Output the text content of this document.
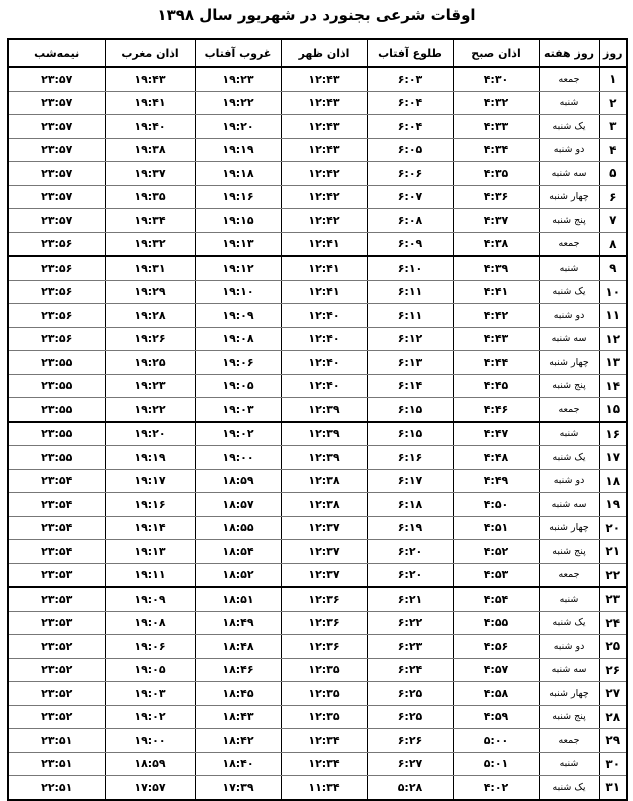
اوقات شرعی بجنورد در شهریور سال ۱۳۹۸
روز	روز هفته	اذان صبح	طلوع آفتاب	اذان ظهر	غروب آفتاب	اذان مغرب	نیمه‌شب
۱	جمعه	۴:۳۰	۶:۰۳	۱۲:۴۳	۱۹:۲۳	۱۹:۴۳	۲۳:۵۷
۲	شنبه	۴:۳۲	۶:۰۴	۱۲:۴۳	۱۹:۲۲	۱۹:۴۱	۲۳:۵۷
۳	یک شنبه	۴:۳۳	۶:۰۴	۱۲:۴۳	۱۹:۲۰	۱۹:۴۰	۲۳:۵۷
۴	دو شنبه	۴:۳۴	۶:۰۵	۱۲:۴۳	۱۹:۱۹	۱۹:۳۸	۲۳:۵۷
۵	سه شنبه	۴:۳۵	۶:۰۶	۱۲:۴۲	۱۹:۱۸	۱۹:۳۷	۲۳:۵۷
۶	چهار شنبه	۴:۳۶	۶:۰۷	۱۲:۴۲	۱۹:۱۶	۱۹:۳۵	۲۳:۵۷
۷	پنج شنبه	۴:۳۷	۶:۰۸	۱۲:۴۲	۱۹:۱۵	۱۹:۳۴	۲۳:۵۷
۸	جمعه	۴:۳۸	۶:۰۹	۱۲:۴۱	۱۹:۱۳	۱۹:۳۲	۲۳:۵۶
۹	شنبه	۴:۳۹	۶:۱۰	۱۲:۴۱	۱۹:۱۲	۱۹:۳۱	۲۳:۵۶
۱۰	یک شنبه	۴:۴۱	۶:۱۱	۱۲:۴۱	۱۹:۱۰	۱۹:۲۹	۲۳:۵۶
۱۱	دو شنبه	۴:۴۲	۶:۱۱	۱۲:۴۰	۱۹:۰۹	۱۹:۲۸	۲۳:۵۶
۱۲	سه شنبه	۴:۴۳	۶:۱۲	۱۲:۴۰	۱۹:۰۸	۱۹:۲۶	۲۳:۵۶
۱۳	چهار شنبه	۴:۴۴	۶:۱۳	۱۲:۴۰	۱۹:۰۶	۱۹:۲۵	۲۳:۵۵
۱۴	پنج شنبه	۴:۴۵	۶:۱۴	۱۲:۴۰	۱۹:۰۵	۱۹:۲۳	۲۳:۵۵
۱۵	جمعه	۴:۴۶	۶:۱۵	۱۲:۳۹	۱۹:۰۳	۱۹:۲۲	۲۳:۵۵
۱۶	شنبه	۴:۴۷	۶:۱۵	۱۲:۳۹	۱۹:۰۲	۱۹:۲۰	۲۳:۵۵
۱۷	یک شنبه	۴:۴۸	۶:۱۶	۱۲:۳۹	۱۹:۰۰	۱۹:۱۹	۲۳:۵۵
۱۸	دو شنبه	۴:۴۹	۶:۱۷	۱۲:۳۸	۱۸:۵۹	۱۹:۱۷	۲۳:۵۴
۱۹	سه شنبه	۴:۵۰	۶:۱۸	۱۲:۳۸	۱۸:۵۷	۱۹:۱۶	۲۳:۵۴
۲۰	چهار شنبه	۴:۵۱	۶:۱۹	۱۲:۳۷	۱۸:۵۵	۱۹:۱۴	۲۳:۵۴
۲۱	پنج شنبه	۴:۵۲	۶:۲۰	۱۲:۳۷	۱۸:۵۴	۱۹:۱۳	۲۳:۵۴
۲۲	جمعه	۴:۵۳	۶:۲۰	۱۲:۳۷	۱۸:۵۲	۱۹:۱۱	۲۳:۵۳
۲۳	شنبه	۴:۵۴	۶:۲۱	۱۲:۳۶	۱۸:۵۱	۱۹:۰۹	۲۳:۵۳
۲۴	یک شنبه	۴:۵۵	۶:۲۲	۱۲:۳۶	۱۸:۴۹	۱۹:۰۸	۲۳:۵۳
۲۵	دو شنبه	۴:۵۶	۶:۲۳	۱۲:۳۶	۱۸:۴۸	۱۹:۰۶	۲۳:۵۲
۲۶	سه شنبه	۴:۵۷	۶:۲۴	۱۲:۳۵	۱۸:۴۶	۱۹:۰۵	۲۳:۵۲
۲۷	چهار شنبه	۴:۵۸	۶:۲۵	۱۲:۳۵	۱۸:۴۵	۱۹:۰۳	۲۳:۵۲
۲۸	پنج شنبه	۴:۵۹	۶:۲۵	۱۲:۳۵	۱۸:۴۳	۱۹:۰۲	۲۳:۵۲
۲۹	جمعه	۵:۰۰	۶:۲۶	۱۲:۳۴	۱۸:۴۲	۱۹:۰۰	۲۳:۵۱
۳۰	شنبه	۵:۰۱	۶:۲۷	۱۲:۳۴	۱۸:۴۰	۱۸:۵۹	۲۳:۵۱
۳۱	یک شنبه	۴:۰۲	۵:۲۸	۱۱:۳۴	۱۷:۳۹	۱۷:۵۷	۲۲:۵۱
